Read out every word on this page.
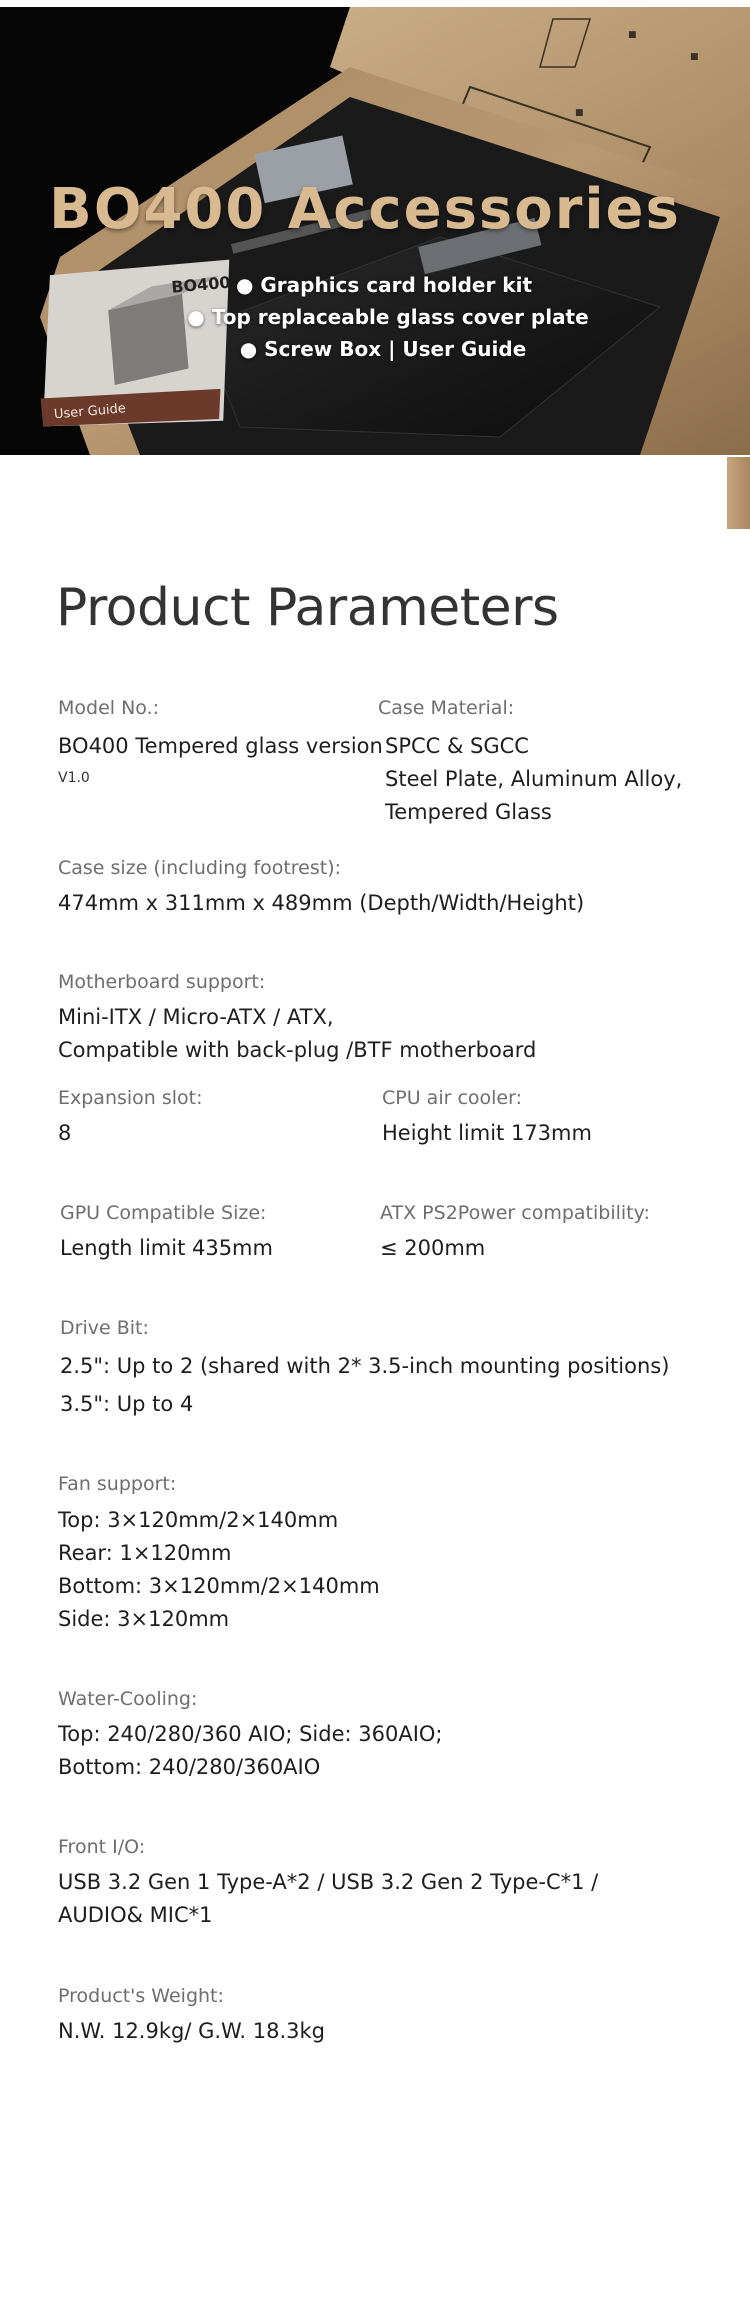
■
■
■
BO400
User Guide
BO400 Accessories
● Graphics card holder kit
● Top replaceable glass cover plate
● Screw Box | User Guide
Product Parameters
Model No.:
BO400 Tempered glass version
V1.0
Case Material:
SPCC & SGCC
Steel Plate, Aluminum Alloy,
Tempered Glass
Case size (including footrest):
474mm x 311mm x 489mm (Depth/Width/Height)
Motherboard support:
Mini-ITX / Micro-ATX / ATX,
Compatible with back-plug /BTF motherboard
Expansion slot:
8
CPU air cooler:
Height limit 173mm
GPU Compatible Size:
Length limit 435mm
ATX PS2Power compatibility:
≤ 200mm
Drive Bit:
2.5": Up to 2 (shared with 2* 3.5-inch mounting positions)
3.5": Up to 4
Fan support:
Top: 3×120mm/2×140mm
Rear: 1×120mm
Bottom: 3×120mm/2×140mm
Side: 3×120mm
Water-Cooling:
Top: 240/280/360 AIO; Side: 360AIO;
Bottom: 240/280/360AIO
Front I/O:
USB 3.2 Gen 1 Type-A*2 / USB 3.2 Gen 2 Type-C*1 /
AUDIO& MIC*1
Product's Weight:
N.W. 12.9kg/ G.W. 18.3kg
